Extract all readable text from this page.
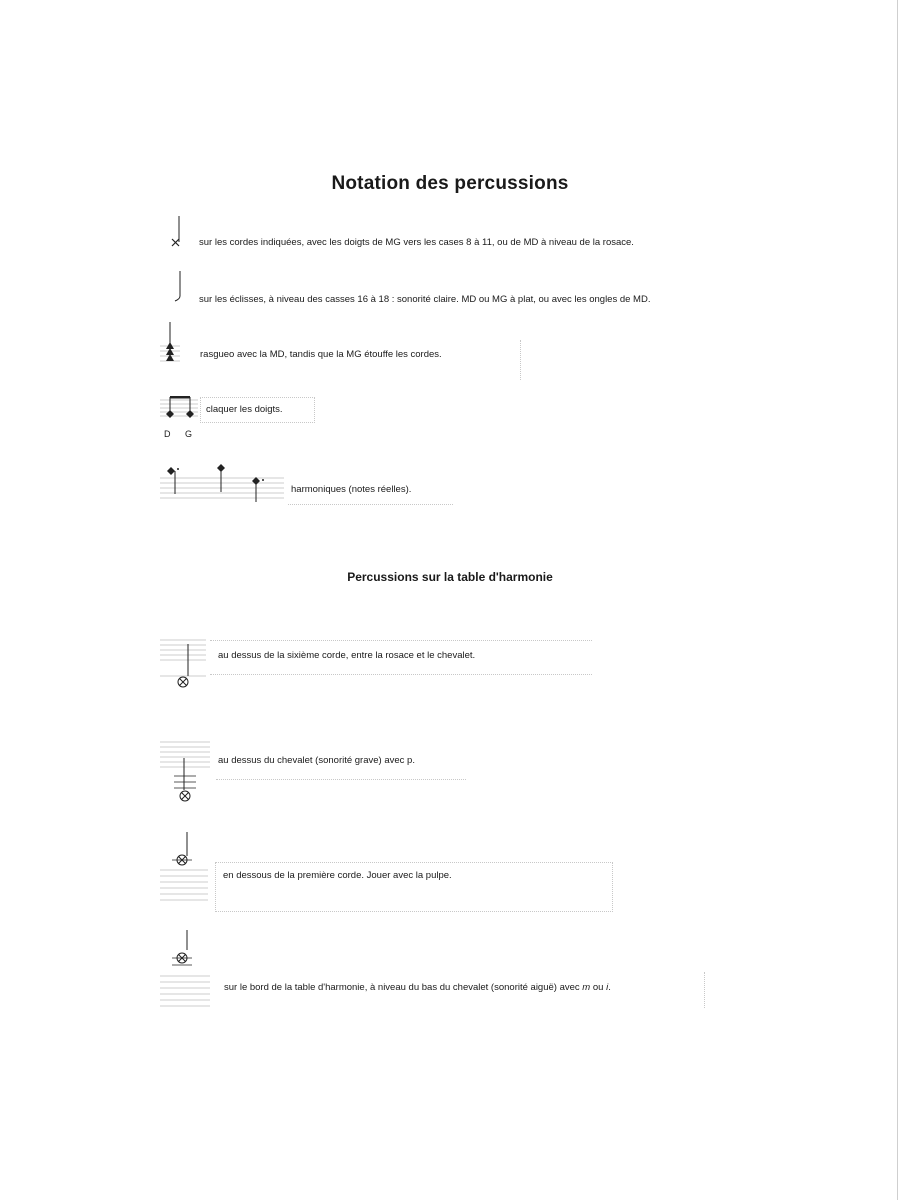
Notation des percussions
sur les cordes indiquées, avec les doigts de MG vers les cases 8 à 11, ou de MD à niveau de la rosace.
sur les éclisses, à niveau des casses 16 à 18 : sonorité claire. MD ou MG à plat, ou avec les ongles de MD.
rasgueo avec la MD, tandis que la MG étouffe les cordes.
D G
claquer les doigts.
harmoniques (notes réelles).
Percussions sur la table d'harmonie
au dessus de la sixième corde, entre la rosace et le chevalet.
au dessus du chevalet (sonorité grave) avec p.
en dessous de la première corde. Jouer avec la pulpe.
sur le bord de la table d'harmonie, à niveau du bas du chevalet (sonorité aiguë) avec m ou i.
